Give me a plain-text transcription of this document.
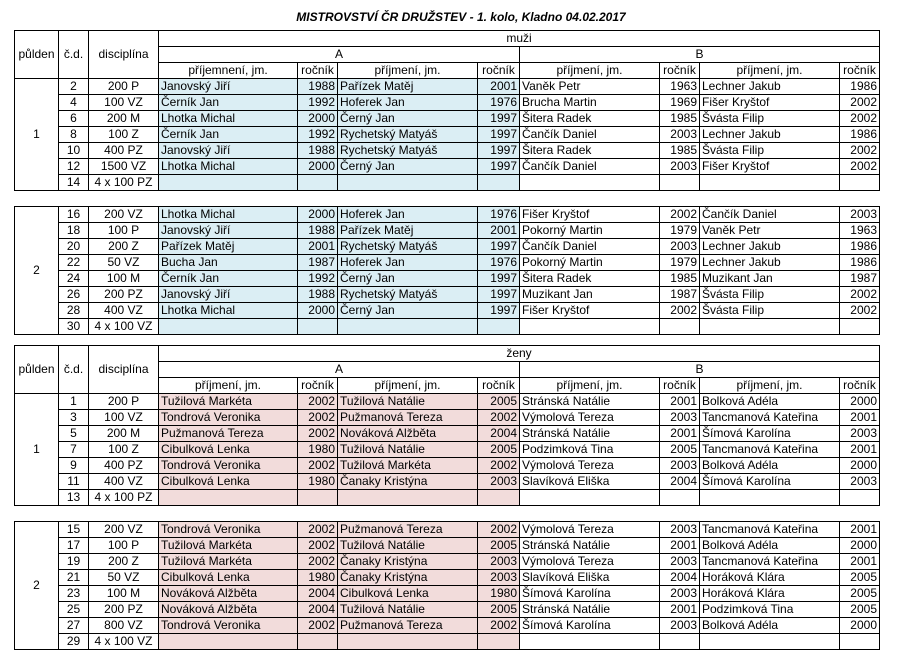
MISTROVSTVÍ ČR DRUŽSTEV - 1. kolo, Kladno 04.02.2017
půlden	č.d.	disciplína	muži							
			A				B			
			příjemnení, jm.	ročník	příjmení, jm.	ročník	příjmení, jm.	ročník	příjmení, jm.	ročník
1	2	200 P	Janovský Jiří	1988	Pařízek Matěj	2001	Vaněk Petr	1963	Lechner Jakub	1986
	4	100 VZ	Černík Jan	1992	Hoferek Jan	1976	Brucha Martin	1969	Fišer Kryštof	2002
	6	200 M	Lhotka Michal	2000	Černý Jan	1997	Šitera Radek	1985	Švásta Filip	2002
	8	100 Z	Černík Jan	1992	Rychetský Matyáš	1997	Čančík Daniel	2003	Lechner Jakub	1986
	10	400 PZ	Janovský Jiří	1988	Rychetský Matyáš	1997	Šitera Radek	1985	Švásta Filip	2002
	12	1500 VZ	Lhotka Michal	2000	Černý Jan	1997	Čančík Daniel	2003	Fišer Kryštof	2002
	14	4 x 100 PZ								

2	16	200 VZ	Lhotka Michal	2000	Hoferek Jan	1976	Fišer Kryštof	2002	Čančík Daniel	2003
	18	100 P	Janovský Jiří	1988	Pařízek Matěj	2001	Pokorný Martin	1979	Vaněk Petr	1963
	20	200 Z	Pařízek Matěj	2001	Rychetský Matyáš	1997	Čančík Daniel	2003	Lechner Jakub	1986
	22	50 VZ	Bucha Jan	1987	Hoferek Jan	1976	Pokorný Martin	1979	Lechner Jakub	1986
	24	100 M	Černík Jan	1992	Černý Jan	1997	Šitera Radek	1985	Muzikant Jan	1987
	26	200 PZ	Janovský Jiří	1988	Rychetský Matyáš	1997	Muzikant Jan	1987	Švásta Filip	2002
	28	400 VZ	Lhotka Michal	2000	Černý Jan	1997	Fišer Kryštof	2002	Švásta Filip	2002
	30	4 x 100 VZ								
půlden	č.d.	disciplína	ženy							
			A				B			
			příjmení, jm.	ročník	příjmení, jm.	ročník	příjmení, jm.	ročník	příjmení, jm.	ročník
1	1	200 P	Tužilová Markéta	2002	Tužilová Natálie	2005	Stránská Natálie	2001	Bolková Adéla	2000
	3	100 VZ	Tondrová Veronika	2002	Pužmanová Tereza	2002	Výmolová Tereza	2003	Tancmanová Kateřina	2001
	5	200 M	Pužmanová Tereza	2002	Nováková Alžběta	2004	Stránská Natálie	2001	Šímová Karolína	2003
	7	100 Z	Cibulková Lenka	1980	Tužilová Natálie	2005	Podzimková Tina	2005	Tancmanová Kateřina	2001
	9	400 PZ	Tondrová Veronika	2002	Tužilová Markéta	2002	Výmolová Tereza	2003	Bolková Adéla	2000
	11	400 VZ	Cibulková Lenka	1980	Čanaky Kristýna	2003	Slavíková Eliška	2004	Šímová Karolína	2003
	13	4 x 100 PZ								

2	15	200 VZ	Tondrová Veronika	2002	Pužmanová Tereza	2002	Výmolová Tereza	2003	Tancmanová Kateřina	2001
	17	100 P	Tužilová Markéta	2002	Tužilová Natálie	2005	Stránská Natálie	2001	Bolková Adéla	2000
	19	200 Z	Tužilová Markéta	2002	Čanaky Kristýna	2003	Výmolová Tereza	2003	Tancmanová Kateřina	2001
	21	50 VZ	Cibulková Lenka	1980	Čanaky Kristýna	2003	Slavíková Eliška	2004	Horáková Klára	2005
	23	100 M	Nováková Alžběta	2004	Cibulková Lenka	1980	Šímová Karolína	2003	Horáková Klára	2005
	25	200 PZ	Nováková Alžběta	2004	Tužilová Natálie	2005	Stránská Natálie	2001	Podzimková Tina	2005
	27	800 VZ	Tondrová Veronika	2002	Pužmanová Tereza	2002	Šímová Karolína	2003	Bolková Adéla	2000
	29	4 x 100 VZ								
